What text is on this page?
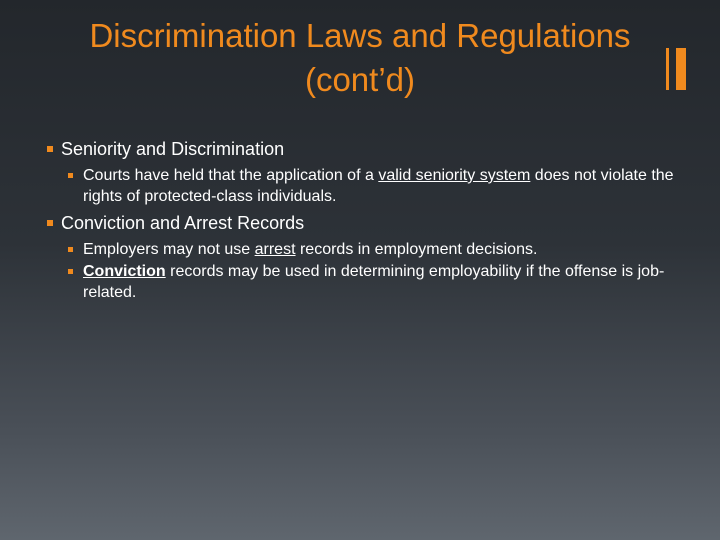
Discrimination Laws and Regulations
(cont’d)
Seniority and Discrimination
Courts have held that the application of a valid seniority system does not violate the rights of protected-class individuals.
Conviction and Arrest Records
Employers may not use arrest records in employment decisions.
Conviction records may be used in determining employability if the offense is job-related.
